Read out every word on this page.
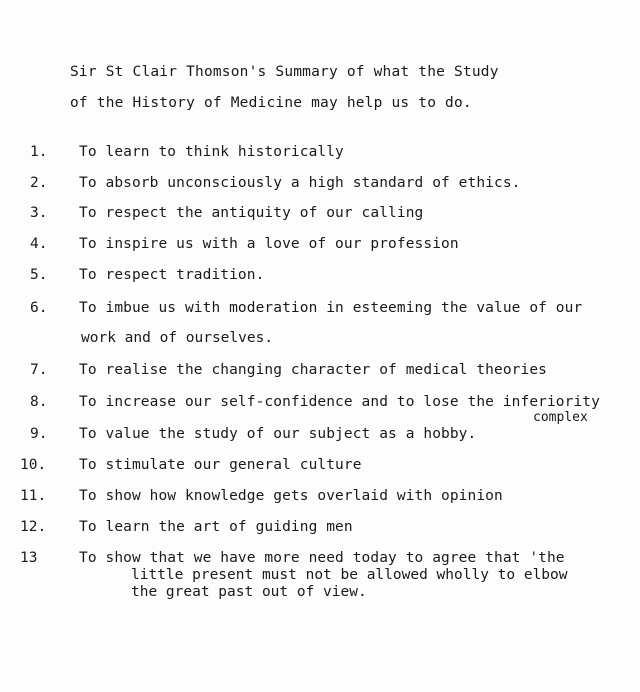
Sir St Clair Thomson's Summary of what the Study
of the History of Medicine may help us to do.
1. To learn to think historically
2. To absorb unconsciously a high standard of ethics.
3. To respect the antiquity of our calling
4. To inspire us with a love of our profession
5. To respect tradition.
6. To imbue us with moderation in esteeming the value of our
work and of ourselves.
7. To realise the changing character of medical theories
8. To increase our self-confidence and to lose the inferiority
complex
9. To value the study of our subject as a hobby.
10. To stimulate our general culture
11. To show how knowledge gets overlaid with opinion
12. To learn the art of guiding men
13	To show that we have more need today to agree that 'the
little present must not be allowed wholly to elbow
the great past out of view.
